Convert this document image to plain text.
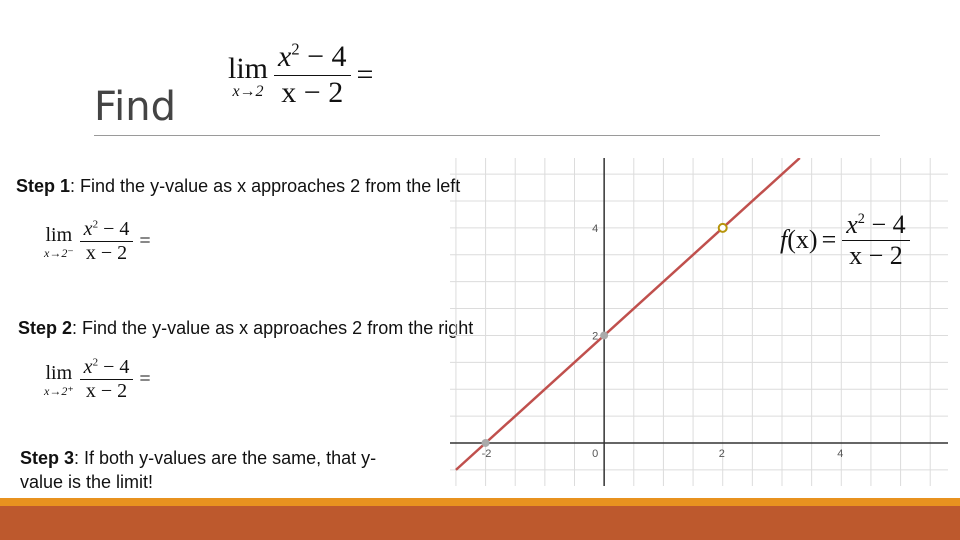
Find
lim
$x\to 2 \frac{x^2 - 4}{x - 2}$ =
Step 1: Find the y-value as x approaches 2 from the left
lim
$x\to 2^- \frac{x^2 - 4}{x - 2}$ =
Step 2: Find the y-value as x approaches 2 from the right
lim
$x\to 2^+ \frac{x^2 - 4}{x - 2}$ =
Step 3: If both y-values are the same, that y-value is the limit!
-2	0	2	4
4
2
f $(x) = \frac{x^2 - 4}{x - 2}$
